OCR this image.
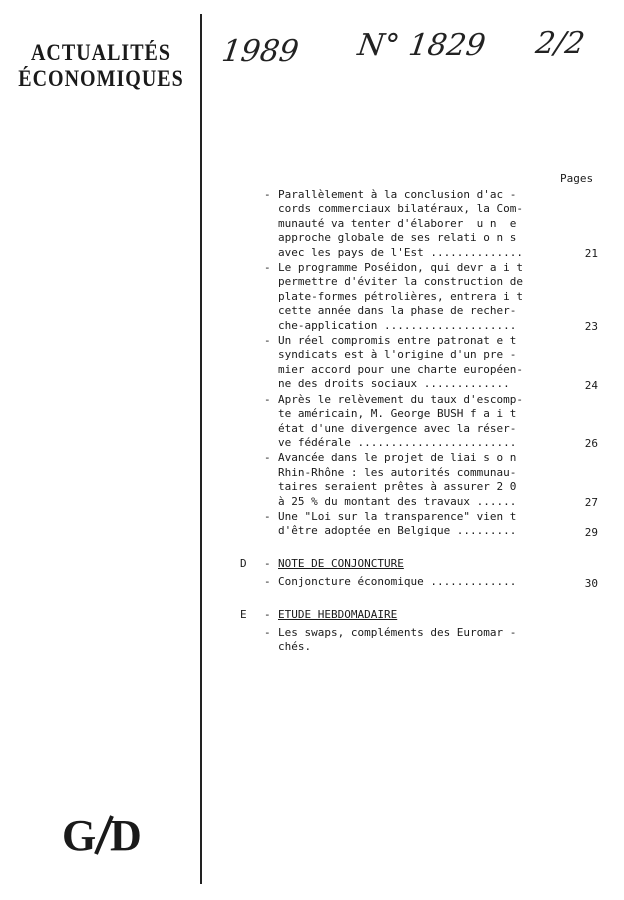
ACTUALITÉS
ÉCONOMIQUES
1989 N° 1829 2/2
Pages
- Parallèlement à la conclusion d'ac -
cords commerciaux bilatéraux, la Com-
munauté va tenter d'élaborer  u n  e
approche globale de ses relati o n s
avec les pays de l'Est ..............	21
- Le programme Poséidon, qui devr a i t
permettre d'éviter la construction de
plate-formes pétrolières, entrera i t
cette année dans la phase de recher-
che-application ....................	23
- Un réel compromis entre patronat e t
syndicats est à l'origine d'un pre -
mier accord pour une charte européen-
ne des droits sociaux .............	24
- Après le relèvement du taux d'escomp-
te américain, M. George BUSH f a i t
état d'une divergence avec la réser-
ve fédérale ........................	26
- Avancée dans le projet de liai s o n
Rhin-Rhône : les autorités communau-
taires seraient prêtes à assurer 2 0
à 25 % du montant des travaux ......	27
- Une "Loi sur la transparence" vien t
d'être adoptée en Belgique .........	29
D	- NOTE DE CONJONCTURE
- Conjoncture économique .............	30
E	- ETUDE HEBDOMADAIRE
- Les swaps, compléments des Euromar -
chés.
G D
